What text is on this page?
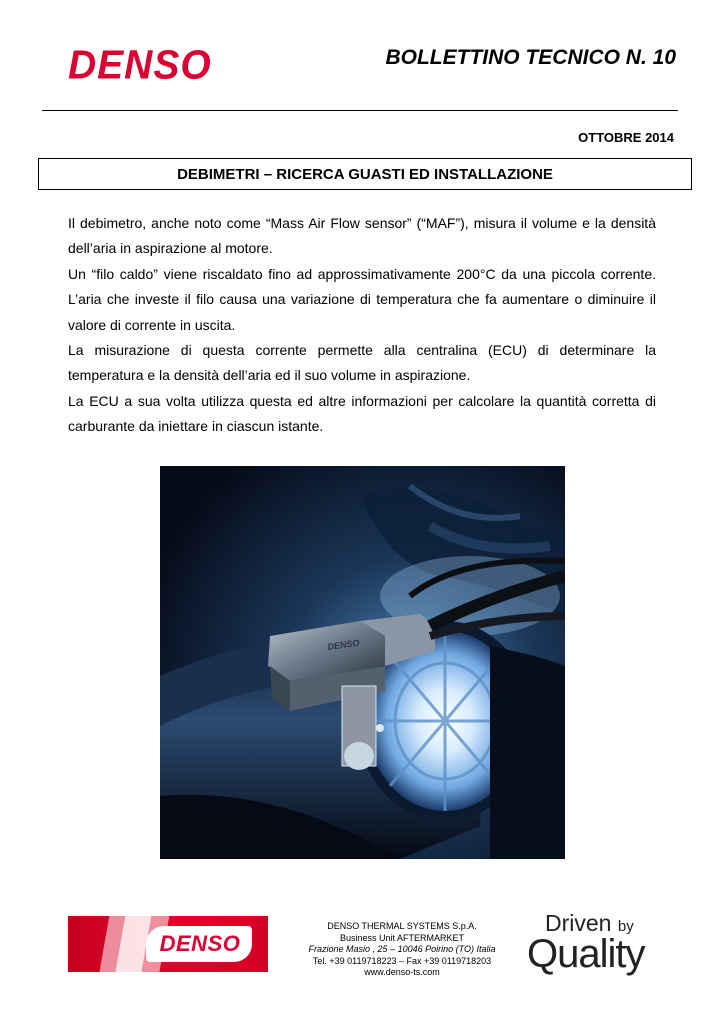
DENSO	BOLLETTINO TECNICO N. 10
OTTOBRE 2014
DEBIMETRI – RICERCA GUASTI ED INSTALLAZIONE

Il debimetro, anche noto come “Mass Air Flow sensor” (“MAF”), misura il volume e la densità dell’aria in aspirazione al motore.

Un “filo caldo” viene riscaldato fino ad approssimativamente 200°C da una piccola corrente. L’aria che investe il filo causa una variazione di temperatura che fa aumentare o diminuire il valore di corrente in uscita.

La misurazione di questa corrente permette alla centralina (ECU) di determinare la temperatura e la densità dell’aria ed il suo volume in aspirazione.

La ECU a sua volta utilizza questa ed altre informazioni per calcolare la quantità corretta di carburante da iniettare in ciascun istante.

DENSO
DENSO
DENSO THERMAL SYSTEMS S.p.A.
Business Unit AFTERMARKET
Frazione Masio , 25 – 10046 Poirino (TO) Italia
Tel. +39 0119718223 – Fax +39 0119718203
www.denso-ts.com
Driven by
Quality
